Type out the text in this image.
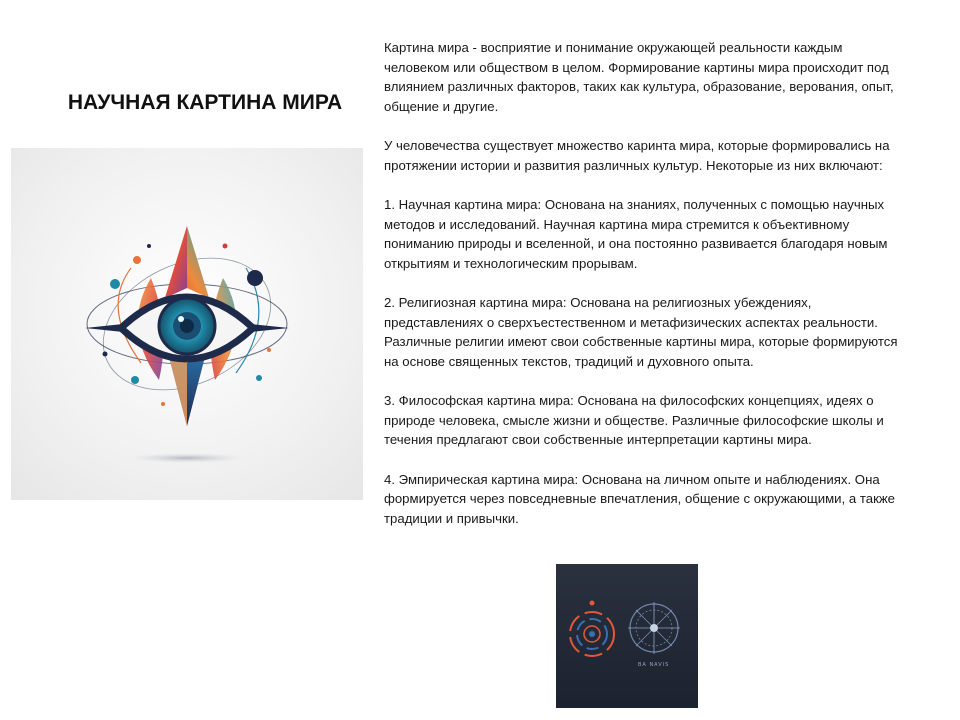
НАУЧНАЯ КАРТИНА МИРА

Картина мира - восприятие и понимание окружающей реальности каждым человеком или обществом в целом. Формирование картины мира происходит под влиянием различных факторов, таких как культура, образование, верования, опыт, общение и другие.

У человечества существует множество каринта мира, которые формировались на протяжении истории и развития различных культур. Некоторые из них включают:

1. Научная картина мира: Основана на знаниях, полученных с помощью научных методов и исследований. Научная картина мира стремится к объективному пониманию природы и вселенной, и она постоянно развивается благодаря новым открытиям и технологическим прорывам.

2. Религиозная картина мира: Основана на религиозных убеждениях, представлениях о сверхъестественном и метафизических аспектах реальности. Различные религии имеют свои собственные картины мира, которые формируются на основе священных текстов, традиций и духовного опыта.

3. Философская картина мира: Основана на философских концепциях, идеях о природе человека, смысле жизни и обществе. Различные философские школы и течения предлагают свои собственные интерпретации картины мира.

4. Эмпирическая картина мира: Основана на личном опыте и наблюдениях. Она формируется через повседневные впечатления, общение с окружающими, а также традиции и привычки.

BA NAVIS
